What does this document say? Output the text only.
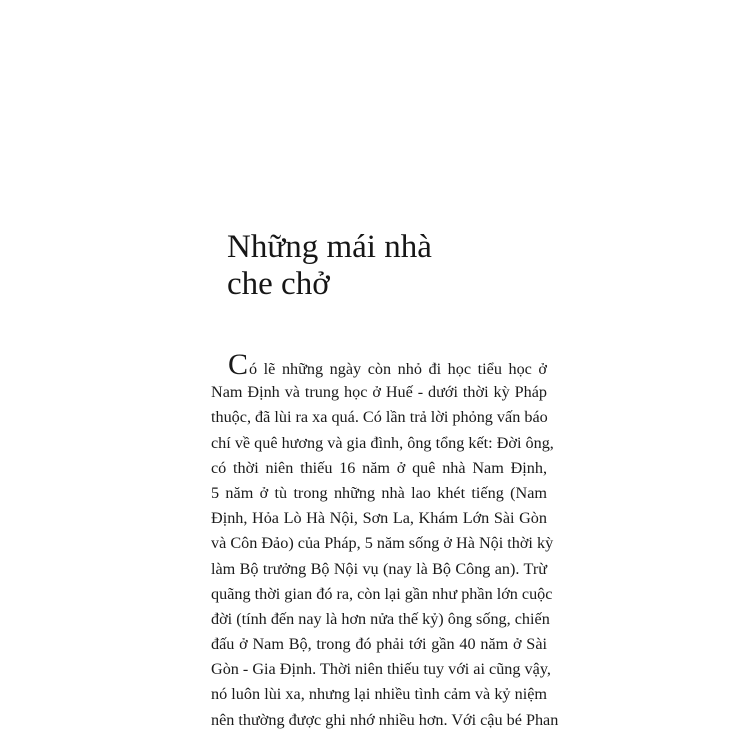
Những mái nhà
che chở
Có lẽ những ngày còn nhỏ đi học tiểu học ở
Nam Định và trung học ở Huế - dưới thời kỳ Pháp
thuộc, đã lùi ra xa quá. Có lần trả lời phỏng vấn báo
chí về quê hương và gia đình, ông tổng kết: Đời ông,
có thời niên thiếu 16 năm ở quê nhà Nam Định,
5 năm ở tù trong những nhà lao khét tiếng (Nam
Định, Hỏa Lò Hà Nội, Sơn La, Khám Lớn Sài Gòn
và Côn Đảo) của Pháp, 5 năm sống ở Hà Nội thời kỳ
làm Bộ trưởng Bộ Nội vụ (nay là Bộ Công an). Trừ
quãng thời gian đó ra, còn lại gần như phần lớn cuộc
đời (tính đến nay là hơn nửa thế kỷ) ông sống, chiến
đấu ở Nam Bộ, trong đó phải tới gần 40 năm ở Sài
Gòn - Gia Định. Thời niên thiếu tuy với ai cũng vậy,
nó luôn lùi xa, nhưng lại nhiều tình cảm và kỷ niệm
nên thường được ghi nhớ nhiều hơn. Với cậu bé Phan
